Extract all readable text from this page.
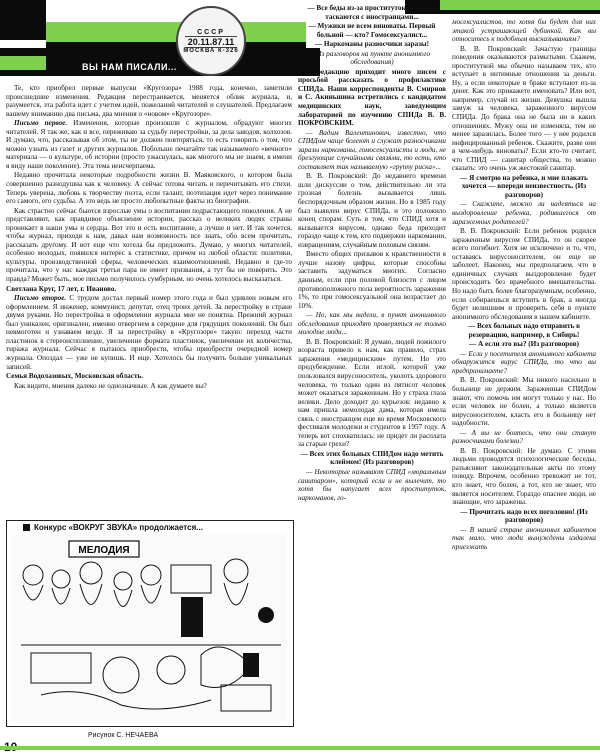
ВЫ НАМ ПИСАЛИ...
СССР
20.11.87.11
МОСКВА К-326

Те, кто приобрел первые выпуски «Кругозора» 1988 года, конечно, заметили происшедшие изменения. Редакция перестраивается, меняется облик журнала, и, разумеется, эта работа идет с учетом идей, пожеланий читателей и слушателей. Предлагаем вашему вниманию два письма, два мнения о «новом» «Кругозоре».

Письмо первое. Изменения, которые произошли с журналом, обрадуют многих читателей. Я так же, как и все, переживаю за судьбу перестройки, за дела заводов, колхозов. И думаю, что, рассказывая об этом, ты не должен повторяться, то есть говорить о том, что можно узнать из газет и других журналов. Побольше печатайте так называемого «вечного» материала — о культуре, об истории (просто ужаснулась, как многого мы не знаем, в имени я виду наше поколение). Эта тема неисчерпаема.

Недавно прочитала некоторые подробности жизни В. Маяковского, о котором была совершенно разнодушна как к человеку. А сейчас готова читать и перечитывать его стихи. Теперь уверена, любовь к творчеству поэта, если талант, поэтизация идет через понимание его самого, его судьбы. А это ведь не просто любопытные факты из биографии.

Как страстно сейчас бьются взрослые умы о воспитании подрастающего поколения. А не представляют, как правдивое объяснение истории, рассказ о великих людях страны проникает в наши умы и сердца. Вот это и есть воспитание, а лучше и нет. И так хочется, чтобы журнал, приходя к нам, давал нам возможность все знать, обо всем прочитать, рассказать другому. И вот еще что хотела бы предложить. Думаю, у многих читателей, особенно молодых, появился интерес к статистике, причем из любой области: политики, культуры, производственной сферы, человеческих взаимоотношений. Недавно я где-то прочитала, что у нас каждая третья пара не имеет призвания, а тут бы не поверить. Это правда? Может быть, мое письмо получилось сумбурным, но очень хотелось высказаться.

Светлана Круг, 17 лет, г. Иваново.

Письмо второе. С трудом достал первый номер этого года и был удивлен новым его оформлением. Я инженер, коммунист, депутат, отец троих детей. За перестройку в стране двумя руками. Но перестройка в оформлении журнала мне не понятна. Прежний журнал был уникален, оригинален, именно отвергнем я середине для грядущих поколений. Он был невмоготен и узнаваем везде. Я за перестройку в «Кругозоре» такую: переход части пластинок в стереоисполнение, увеличение формата пластинок, увеличение их количества, тиража журнала. Сейчас я пытаюсь приобрести, чтобы приобрести очередной номер журнала. Опоздал — уже не купишь. И еще. Хотелось бы получить больше уникальных записей.

Семья Водолазовых, Московская область.

Как видите, мнения далеко не однозначные. А как думаете вы?

Конкурс «ВОКРУГ ЗВУКА» продолжается...
МЕЛОДИЯ
Рисунок С. НЕЧАЕВА

— Все беды из-за проституток, которые таскаются с иностранцами...

— Мужики не всем виноваты. Первый больной — кто? Гомосексуалист...

— Наркоманы разносчики заразы!

(Из разговоров на пункте анонимного обследования)

В редакцию приходит много писем с просьбой рассказать о профилактике СПИДа. Наши корреспонденты В. Смирнов и С. Акиньшина встретились с кандидатом медицинских наук, заведующим лабораторией по изучению СПИДа В. В. ПОКРОВСКИМ.

— Вадим Валентинович, известно, что СПИДом чаще болеют и служат разносчиками заразы наркоманы, гомосексуалисты и люди, не брезгующие случайными связями, то есть, кто составляет так называемую «группу риска»...

В. В. Покровский: До недавнего времени шли дискуссии о том, действительно ли эта грозная болезнь вызывается лишь беспорядочным образом жизни. Но в 1985 году был выявлен вирус СПИДа, и это положило конец спорам. Суть в том, что СПИД хотя и вызывается вирусом, однако беда приходит гораздо чаще к тем, кто подвержен наркомании, извращениям, случайным половым связям.

Вместо общих призывов к нравственности я лучше назову цифры, которые способны заставить задуматься многих. Согласно данным, если при половой близости с лицом противоположного пола вероятность заражения 1%, то при гомосексуальной она возрастает до 10%.

— Но, как мы видели, в пункт анонимного обследования приходят проверяться не только молодые люди...

В. В. Покровский: Я думаю, людей пожилого возраста привело к нам, как правило, страх заражения «медицинским» путем. Но это предубеждение. Если иглой, которой уже пользовался вирусоноситель, уколоть здорового человека, то только один из пятисот человек может оказаться зараженным. Но у страха глаза велики. Дело доходит до курьезов: недавно к нам пришла немолодая дама, которая имела связь с иностранцем еще во время Московского фестиваля молодежи и студентов в 1957 году. А теперь вот спохватилась: не придет ли расплата за старые грехи?

— Всех этих больных СПИДом надо метить клеймом! (Из разговоров)

— Некоторые называют СПИД «моральным санитаром», который если и не вылечит, то хотя бы напугает всех проституток, наркоманов, го-

мосексуалистов, то хотя бы будет для них этакой устрашающей дубинкой. Как вы относитесь к подобным высказываниям?

В. В. Покровский: Зачастую границы поведения оказываются размытыми. Скажем, проституткой мы обычно называем тех, кто вступает в интимные отношения за деньги. Ну, а если некоторые в браке вступают из-за денег. Как это прикажете именовать? Или вот, например, случай из жизни. Девушка вышла замуж за человека, зараженного вирусом СПИДа. До брака она не была ни в каких отношениях. Мужу она не изменяла, тем не менее заразилась. Более того — у нее родился инфицированный ребенок. Скажите, разве они в чем-нибудь виноваты? Если кто-то считает, что СПИД — санитар общества, то можно сказать: это очень уж жестокий санитар.

— Я смотрю на ребенка, и мне плакать хочется — впереди неизвестность. (Из разговоров)

— Скажите, можно ли надеяться на выздоровление ребенка, родившегося от зараженных родителей?

В. В. Покровский: Если ребенок родился зараженным вирусом СПИДа, то он скорее всего погибнет. Хотя не исключено и то, что, оставаясь вирусоносителем, он еще не заболеет. Наконец, мы предполагаем, что в единичных случаях выздоровление будет происходить без врачебного вмешательства. Но надо быть более благоразумным, особенно, если собираешься вступить в брак, а иногда будет нелишним и проверить себя в пункте анонимного обследования в нашем кабинете.

— Всех больных надо отправить в резервацию, например, в Сибирь!

— А если это вы? (Из разговоров)

— Если у посетителя анонимного кабинета обнаружится вирус СПИДа, то что вы предпринимаете?

В. В. Покровский: Мы никого насильно в больнице не держим. Зараженные СПИДом знают, что помочь им могут только у нас. Но если человек не болен, а только является вирусоносителем, класть его в больницу нет надобности.

— А вы не боитесь, что они станут разносчиками болезни?

В. В. Покровский: Не думаю. С этими людьми проводятся психологические беседы, разъясняют законодательные акты по этому поводу. Впрочем, особенно тревожит не тот, кто знает, что болен, а тот, кто не знает, что является носителем. Гораздо опаснее люди, не знающие, что заражены.

— Прочитать надо всех поголовно! (Из разговоров)

— В нашей стране анонимных кабинетов так мало, что люди вынуждены издалека приезжать
